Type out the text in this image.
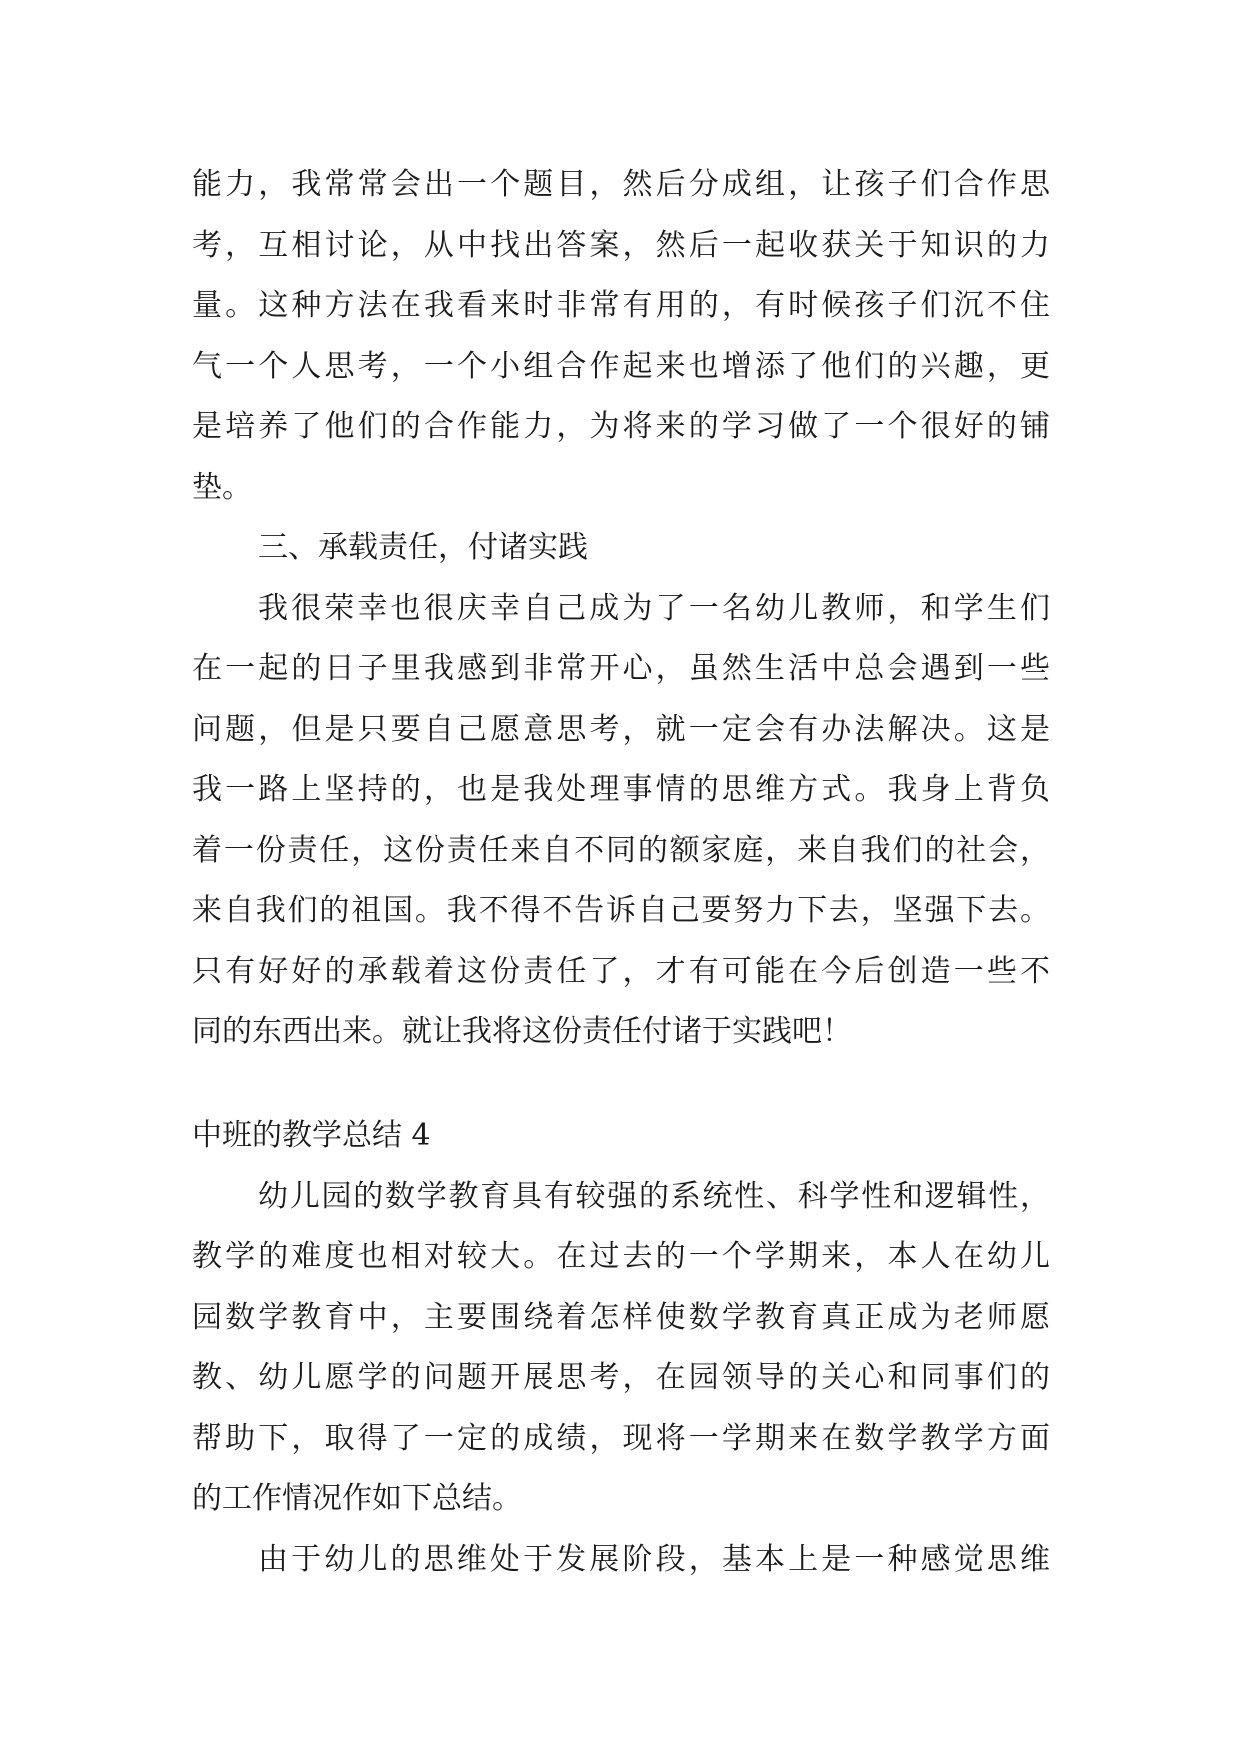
能力，我常常会出一个题目，然后分成组，让孩子们合作思
考，互相讨论，从中找出答案，然后一起收获关于知识的力
量。这种方法在我看来时非常有用的，有时候孩子们沉不住
气一个人思考，一个小组合作起来也增添了他们的兴趣，更
是培养了他们的合作能力，为将来的学习做了一个很好的铺
垫。
三、承载责任，付诸实践
我很荣幸也很庆幸自己成为了一名幼儿教师，和学生们
在一起的日子里我感到非常开心，虽然生活中总会遇到一些
问题，但是只要自己愿意思考，就一定会有办法解决。这是
我一路上坚持的，也是我处理事情的思维方式。我身上背负
着一份责任，这份责任来自不同的额家庭，来自我们的社会，
来自我们的祖国。我不得不告诉自己要努力下去，坚强下去。
只有好好的承载着这份责任了，才有可能在今后创造一些不
同的东西出来。就让我将这份责任付诸于实践吧！
中班的教学总结 4
幼儿园的数学教育具有较强的系统性、科学性和逻辑性，
教学的难度也相对较大。在过去的一个学期来，本人在幼儿
园数学教育中，主要围绕着怎样使数学教育真正成为老师愿
教、幼儿愿学的问题开展思考，在园领导的关心和同事们的
帮助下，取得了一定的成绩，现将一学期来在数学教学方面
的工作情况作如下总结。
由于幼儿的思维处于发展阶段，基本上是一种感觉思维
